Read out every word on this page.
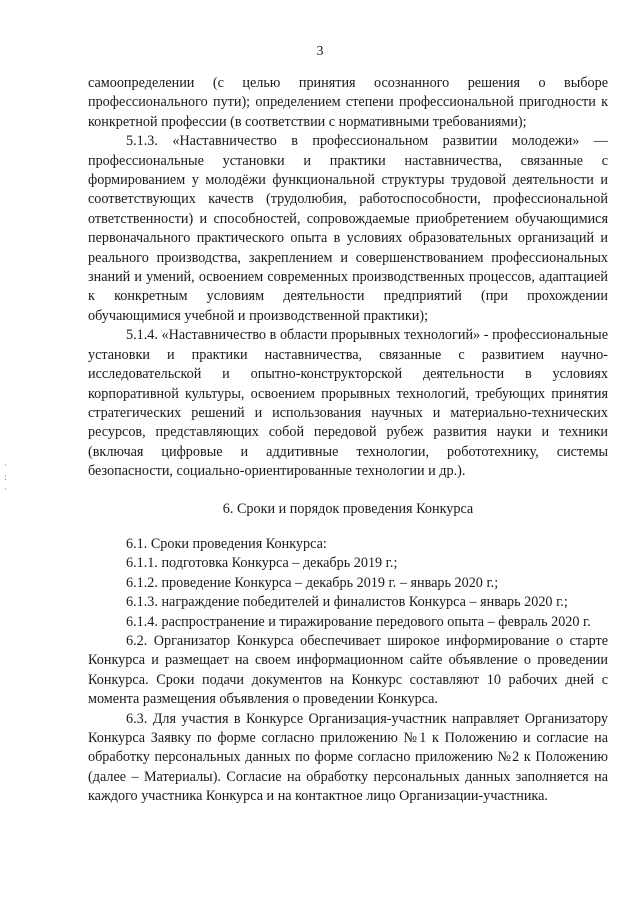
3
·
:
·

самоопределении (с целью принятия осознанного решения о выборе профессионального пути); определением степени профессиональной пригодности к конкретной профессии (в соответствии с нормативными требованиями);

5.1.3. «Наставничество в профессиональном развитии молодежи» — профессиональные установки и практики наставничества, связанные с формированием у молодёжи функциональной структуры трудовой деятельности и соответствующих качеств (трудолюбия, работоспособности, профессиональной ответственности) и способностей, сопровождаемые приобретением обучающимися первоначального практического опыта в условиях образовательных организаций и реального производства, закреплением и совершенствованием профессиональных знаний и умений, освоением современных производственных процессов, адаптацией к конкретным условиям деятельности предприятий (при прохождении обучающимися учебной и производственной практики);

5.1.4. «Наставничество в области прорывных технологий» - профессиональные установки и практики наставничества, связанные с развитием научно-исследовательской и опытно-конструкторской деятельности в условиях корпоративной культуры, освоением прорывных технологий, требующих принятия стратегических решений и использования научных и материально-технических ресурсов, представляющих собой передовой рубеж развития науки и техники (включая цифровые и аддитивные технологии, робототехнику, системы безопасности, социально-ориентированные технологии и др.).

6. Сроки и порядок проведения Конкурса

6.1. Сроки проведения Конкурса:

6.1.1. подготовка Конкурса – декабрь 2019 г.;

6.1.2. проведение Конкурса – декабрь 2019 г. – январь 2020 г.;

6.1.3. награждение победителей и финалистов Конкурса – январь 2020 г.;

6.1.4. распространение и тиражирование передового опыта – февраль 2020 г.

6.2. Организатор Конкурса обеспечивает широкое информирование о старте Конкурса и размещает на своем информационном сайте объявление о проведении Конкурса. Сроки подачи документов на Конкурс составляют 10 рабочих дней с момента размещения объявления о проведении Конкурса.

6.3. Для участия в Конкурсе Организация-участник направляет Организатору Конкурса Заявку по форме согласно приложению №1 к Положению и согласие на обработку персональных данных по форме согласно приложению №2 к Положению (далее – Материалы). Согласие на обработку персональных данных заполняется на каждого участника Конкурса и на контактное лицо Организации-участника.
